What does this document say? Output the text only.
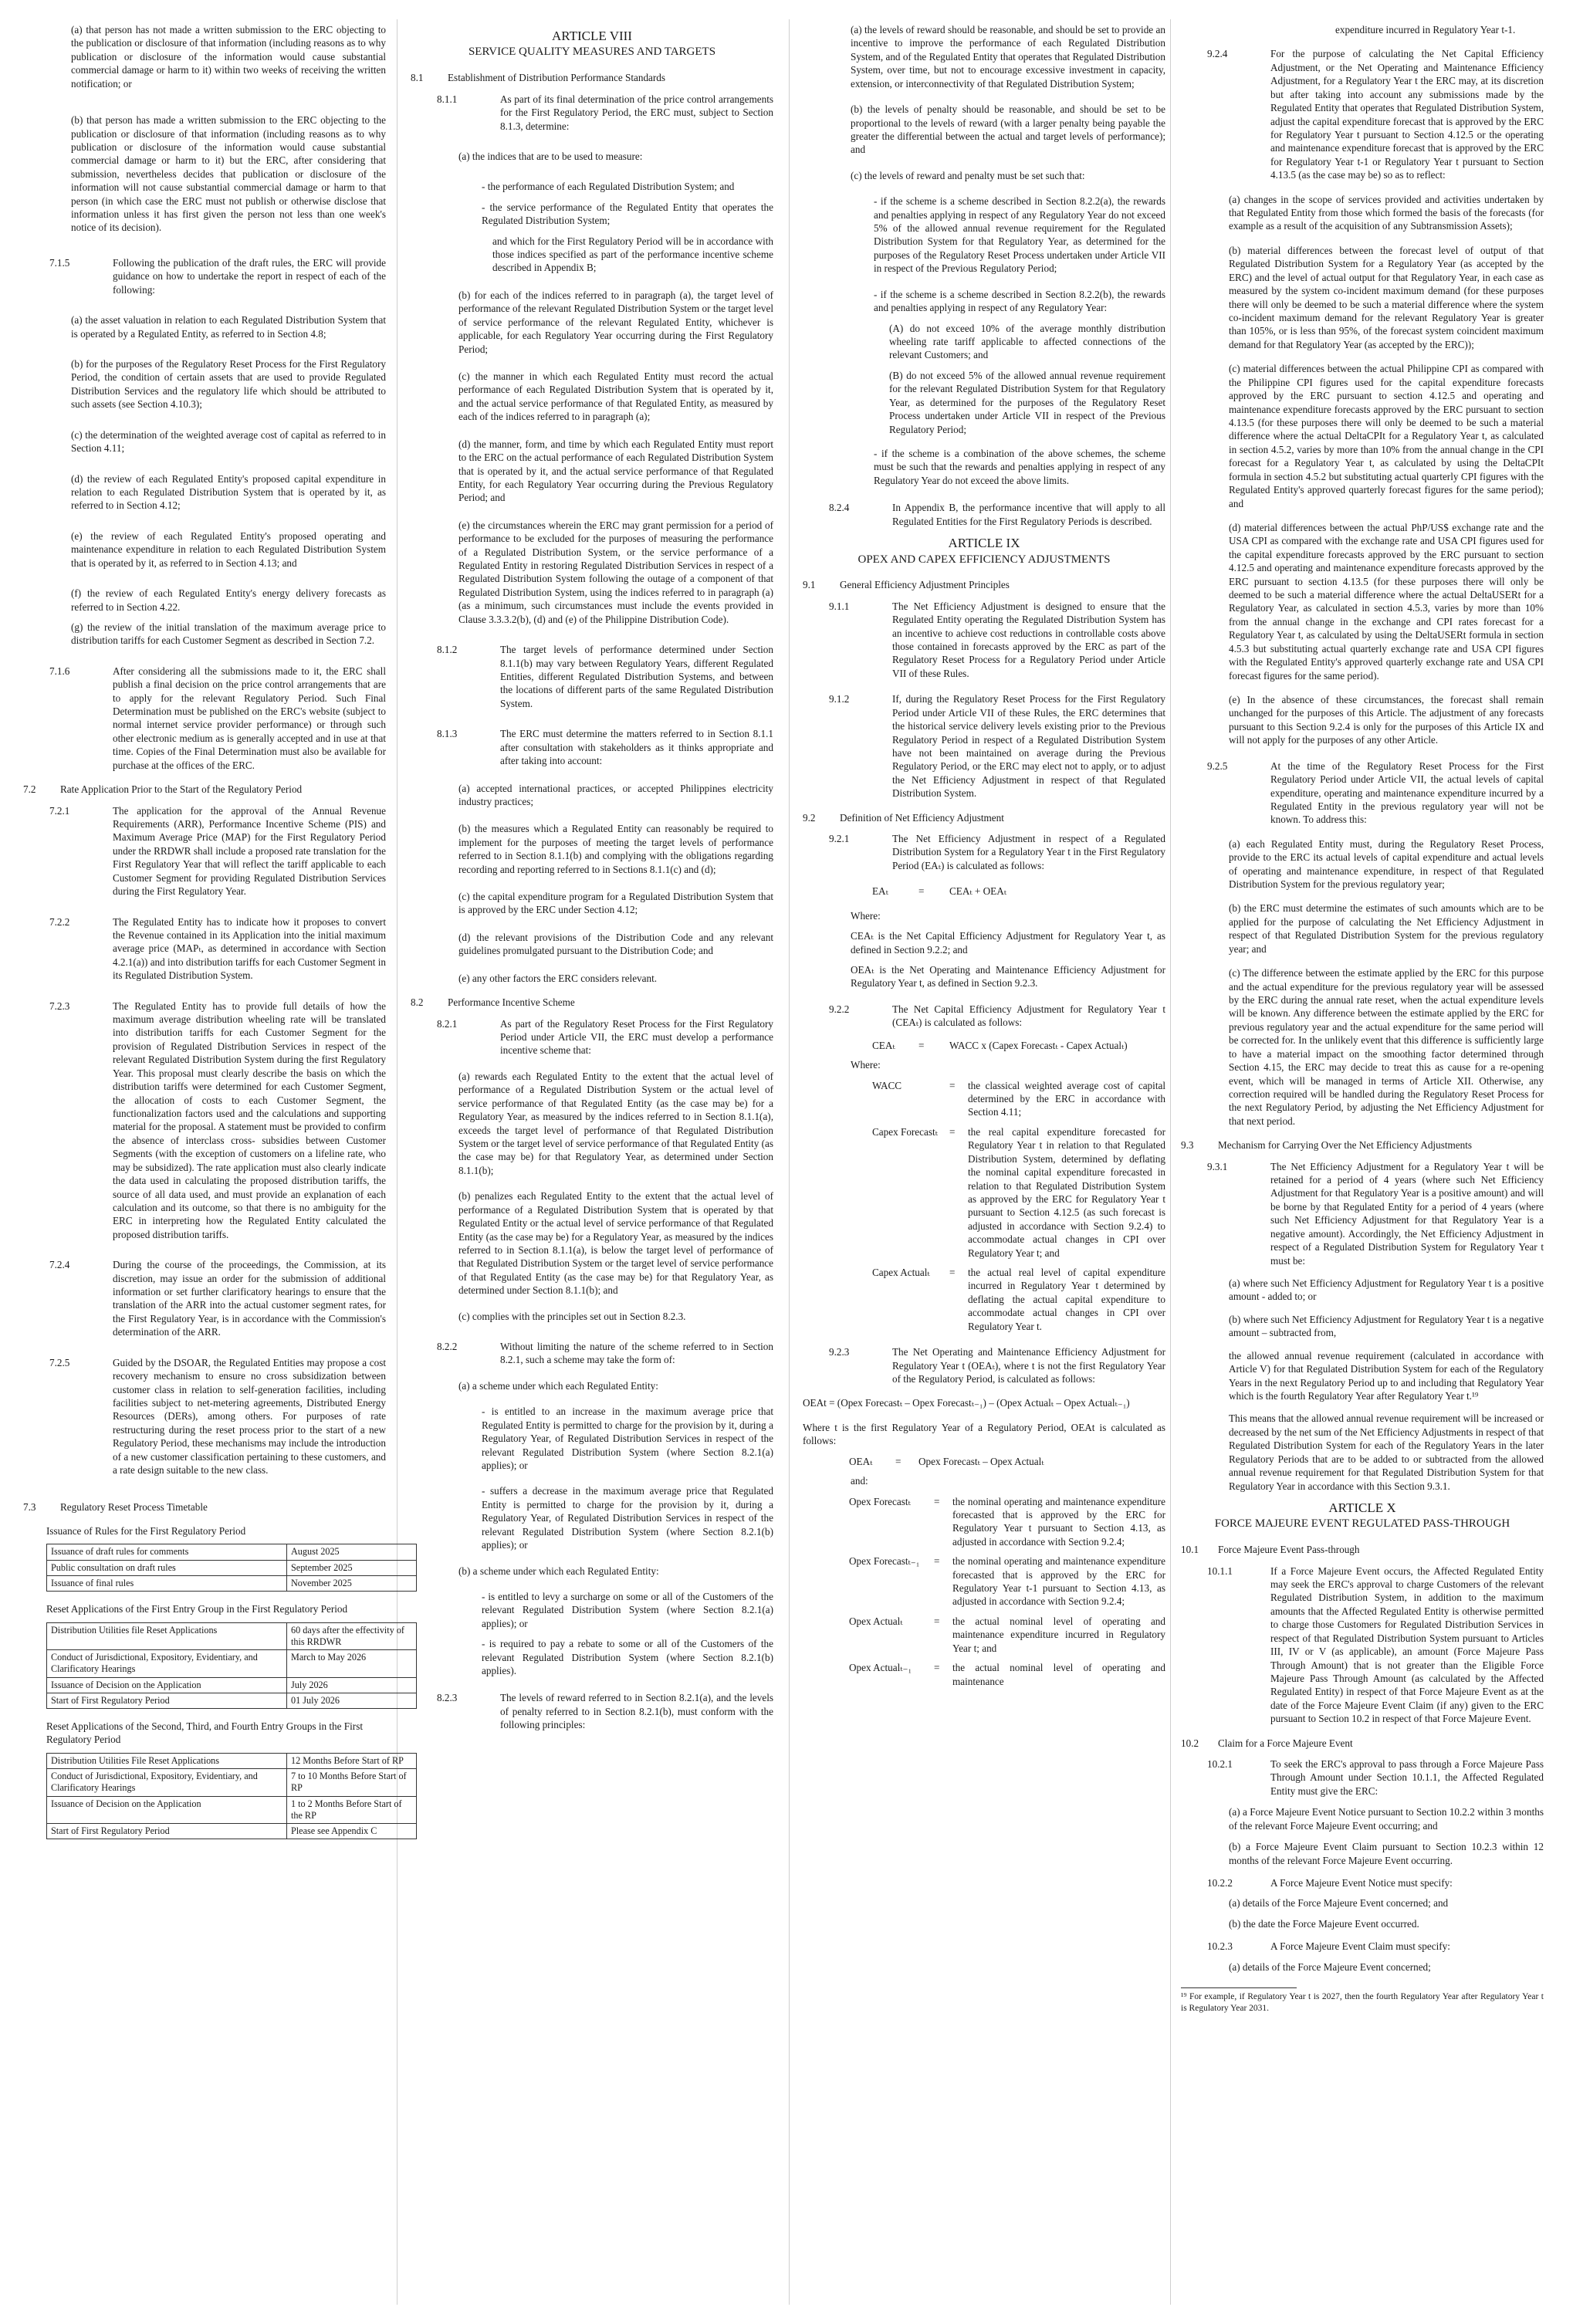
(a) that person has not made a written submission to the ERC objecting to the publication or disclosure of that information (including reasons as to why publication or disclosure of the information would cause substantial commercial damage or harm to it) within two weeks of receiving the written notification; or

(b) that person has made a written submission to the ERC objecting to the publication or disclosure of that information (including reasons as to why publication or disclosure of the information would cause substantial commercial damage or harm to it) but the ERC, after considering that submission, nevertheless decides that publication or disclosure of the information will not cause substantial commercial damage or harm to that person (in which case the ERC must not publish or otherwise disclose that information unless it has first given the person not less than one week's notice of its decision).

7.1.5	Following the publication of the draft rules, the ERC will provide guidance on how to undertake the report in respect of each of the following:

(a) the asset valuation in relation to each Regulated Distribution System that is operated by a Regulated Entity, as referred to in Section 4.8;

(b) for the purposes of the Regulatory Reset Process for the First Regulatory Period, the condition of certain assets that are used to provide Regulated Distribution Services and the regulatory life which should be attributed to such assets (see Section 4.10.3);

(c) the determination of the weighted average cost of capital as referred to in Section 4.11;

(d) the review of each Regulated Entity's proposed capital expenditure in relation to each Regulated Distribution System that is operated by it, as referred to in Section 4.12;

(e) the review of each Regulated Entity's proposed operating and maintenance expenditure in relation to each Regulated Distribution System that is operated by it, as referred to in Section 4.13; and

(f) the review of each Regulated Entity's energy delivery forecasts as referred to in Section 4.22.

(g) the review of the initial translation of the maximum average price to distribution tariffs for each Customer Segment as described in Section 7.2.

7.1.6	After considering all the submissions made to it, the ERC shall publish a final decision on the price control arrangements that are to apply for the relevant Regulatory Period. Such Final Determination must be published on the ERC's website (subject to normal internet service provider performance) or through such other electronic medium as is generally accepted and in use at that time. Copies of the Final Determination must also be available for purchase at the offices of the ERC.
7.2	Rate Application Prior to the Start of the Regulatory Period
7.2.1	The application for the approval of the Annual Revenue Requirements (ARR), Performance Incentive Scheme (PIS) and Maximum Average Price (MAP) for the First Regulatory Period under the RRDWR shall include a proposed rate translation for the First Regulatory Year that will reflect the tariff applicable to each Customer Segment for providing Regulated Distribution Services during the First Regulatory Year.
7.2.2	The Regulated Entity has to indicate how it proposes to convert the Revenue contained in its Application into the initial maximum average price (MAPₜ, as determined in accordance with Section 4.2.1(a)) and into distribution tariffs for each Customer Segment in its Regulated Distribution System.
7.2.3	The Regulated Entity has to provide full details of how the maximum average distribution wheeling rate will be translated into distribution tariffs for each Customer Segment for the provision of Regulated Distribution Services in respect of the relevant Regulated Distribution System during the first Regulatory Year. This proposal must clearly describe the basis on which the distribution tariffs were determined for each Customer Segment, the allocation of costs to each Customer Segment, the functionalization factors used and the calculations and supporting material for the proposal. A statement must be provided to confirm the absence of interclass cross- subsidies between Customer Segments (with the exception of customers on a lifeline rate, who may be subsidized). The rate application must also clearly indicate the data used in calculating the proposed distribution tariffs, the source of all data used, and must provide an explanation of each calculation and its outcome, so that there is no ambiguity for the ERC in interpreting how the Regulated Entity calculated the proposed distribution tariffs.
7.2.4	During the course of the proceedings, the Commission, at its discretion, may issue an order for the submission of additional information or set further clarificatory hearings to ensure that the translation of the ARR into the actual customer segment rates, for the First Regulatory Year, is in accordance with the Commission's determination of the ARR.
7.2.5	Guided by the DSOAR, the Regulated Entities may propose a cost recovery mechanism to ensure no cross subsidization between customer class in relation to self-generation facilities, including facilities subject to net-metering agreements, Distributed Energy Resources (DERs), among others. For purposes of rate restructuring during the reset process prior to the start of a new Regulatory Period, these mechanisms may include the introduction of a new customer classification pertaining to these customers, and a rate design suitable to the new class.
7.3	Regulatory Reset Process Timetable
Issuance of Rules for the First Regulatory Period
Issuance of draft rules for comments	August 2025
Public consultation on draft rules	September 2025
Issuance of final rules	November 2025
Reset Applications of the First Entry Group in the First Regulatory Period
Distribution Utilities file Reset Applications	60 days after the effectivity of this RRDWR
Conduct of Jurisdictional, Expository, Evidentiary, and Clarificatory Hearings	March to May 2026
Issuance of Decision on the Application	July 2026
Start of First Regulatory Period	01 July 2026
Reset Applications of the Second, Third, and Fourth Entry Groups in the First Regulatory Period
Distribution Utilities File Reset Applications	12 Months Before Start of RP
Conduct of Jurisdictional, Expository, Evidentiary, and Clarificatory Hearings	7 to 10 Months Before Start of RP
Issuance of Decision on the Application	1 to 2 Months Before Start of the RP
Start of First Regulatory Period	Please see Appendix C
ARTICLE VIII
SERVICE QUALITY MEASURES AND TARGETS
8.1	Establishment of Distribution Performance Standards
8.1.1	As part of its final determination of the price control arrangements for the First Regulatory Period, the ERC must, subject to Section 8.1.3, determine:

(a) the indices that are to be used to measure:

- the performance of each Regulated Distribution System; and

- the service performance of the Regulated Entity that operates the Regulated Distribution System;

and which for the First Regulatory Period will be in accordance with those indices specified as part of the performance incentive scheme described in Appendix B;

(b) for each of the indices referred to in paragraph (a), the target level of performance of the relevant Regulated Distribution System or the target level of service performance of the relevant Regulated Entity, whichever is applicable, for each Regulatory Year occurring during the First Regulatory Period;

(c) the manner in which each Regulated Entity must record the actual performance of each Regulated Distribution System that is operated by it, and the actual service performance of that Regulated Entity, as measured by each of the indices referred to in paragraph (a);

(d) the manner, form, and time by which each Regulated Entity must report to the ERC on the actual performance of each Regulated Distribution System that is operated by it, and the actual service performance of that Regulated Entity, for each Regulatory Year occurring during the Previous Regulatory Period; and

(e) the circumstances wherein the ERC may grant permission for a period of performance to be excluded for the purposes of measuring the performance of a Regulated Distribution System, or the service performance of a Regulated Entity in restoring Regulated Distribution Services in respect of a Regulated Distribution System following the outage of a component of that Regulated Distribution System, using the indices referred to in paragraph (a) (as a minimum, such circumstances must include the events provided in Clause 3.3.3.2(b), (d) and (e) of the Philippine Distribution Code).

8.1.2	The target levels of performance determined under Section 8.1.1(b) may vary between Regulatory Years, different Regulated Entities, different Regulated Distribution Systems, and between the locations of different parts of the same Regulated Distribution System.
8.1.3	The ERC must determine the matters referred to in Section 8.1.1 after consultation with stakeholders as it thinks appropriate and after taking into account:

(a) accepted international practices, or accepted Philippines electricity industry practices;

(b) the measures which a Regulated Entity can reasonably be required to implement for the purposes of meeting the target levels of performance referred to in Section 8.1.1(b) and complying with the obligations regarding recording and reporting referred to in Sections 8.1.1(c) and (d);

(c) the capital expenditure program for a Regulated Distribution System that is approved by the ERC under Section 4.12;

(d) the relevant provisions of the Distribution Code and any relevant guidelines promulgated pursuant to the Distribution Code; and

(e) any other factors the ERC considers relevant.

8.2	Performance Incentive Scheme
8.2.1	As part of the Regulatory Reset Process for the First Regulatory Period under Article VII, the ERC must develop a performance incentive scheme that:

(a) rewards each Regulated Entity to the extent that the actual level of performance of a Regulated Distribution System or the actual level of service performance of that Regulated Entity (as the case may be) for a Regulatory Year, as measured by the indices referred to in Section 8.1.1(a), exceeds the target level of performance of that Regulated Distribution System or the target level of service performance of that Regulated Entity (as the case may be) for that Regulatory Year, as determined under Section 8.1.1(b);

(b) penalizes each Regulated Entity to the extent that the actual level of performance of a Regulated Distribution System that is operated by that Regulated Entity or the actual level of service performance of that Regulated Entity (as the case may be) for a Regulatory Year, as measured by the indices referred to in Section 8.1.1(a), is below the target level of performance of that Regulated Distribution System or the target level of service performance of that Regulated Entity (as the case may be) for that Regulatory Year, as determined under Section 8.1.1(b); and

(c) complies with the principles set out in Section 8.2.3.

8.2.2	Without limiting the nature of the scheme referred to in Section 8.2.1, such a scheme may take the form of:

(a) a scheme under which each Regulated Entity:

- is entitled to an increase in the maximum average price that Regulated Entity is permitted to charge for the provision by it, during a Regulatory Year, of Regulated Distribution Services in respect of the relevant Regulated Distribution System (where Section 8.2.1(a) applies); or

- suffers a decrease in the maximum average price that Regulated Entity is permitted to charge for the provision by it, during a Regulatory Year, of Regulated Distribution Services in respect of the relevant Regulated Distribution System (where Section 8.2.1(b) applies); or

(b) a scheme under which each Regulated Entity:

- is entitled to levy a surcharge on some or all of the Customers of the relevant Regulated Distribution System (where Section 8.2.1(a) applies); or

- is required to pay a rebate to some or all of the Customers of the relevant Regulated Distribution System (where Section 8.2.1(b) applies).

8.2.3	The levels of reward referred to in Section 8.2.1(a), and the levels of penalty referred to in Section 8.2.1(b), must conform with the following principles:

(a) the levels of reward should be reasonable, and should be set to provide an incentive to improve the performance of each Regulated Distribution System, and of the Regulated Entity that operates that Regulated Distribution System, over time, but not to encourage excessive investment in capacity, extension, or interconnectivity of that Regulated Distribution System;

(b) the levels of penalty should be reasonable, and should be set to be proportional to the levels of reward (with a larger penalty being payable the greater the differential between the actual and target levels of performance); and

(c) the levels of reward and penalty must be set such that:

- if the scheme is a scheme described in Section 8.2.2(a), the rewards and penalties applying in respect of any Regulatory Year do not exceed 5% of the allowed annual revenue requirement for the Regulated Distribution System for that Regulatory Year, as determined for the purposes of the Regulatory Reset Process undertaken under Article VII in respect of the Previous Regulatory Period;

- if the scheme is a scheme described in Section 8.2.2(b), the rewards and penalties applying in respect of any Regulatory Year:

(A) do not exceed 10% of the average monthly distribution wheeling rate tariff applicable to affected connections of the relevant Customers; and

(B) do not exceed 5% of the allowed annual revenue requirement for the relevant Regulated Distribution System for that Regulatory Year, as determined for the purposes of the Regulatory Reset Process undertaken under Article VII in respect of the Previous Regulatory Period;

- if the scheme is a combination of the above schemes, the scheme must be such that the rewards and penalties applying in respect of any Regulatory Year do not exceed the above limits.

8.2.4	In Appendix B, the performance incentive that will apply to all Regulated Entities for the First Regulatory Periods is described.
ARTICLE IX
OPEX AND CAPEX EFFICIENCY ADJUSTMENTS
9.1	General Efficiency Adjustment Principles
9.1.1	The Net Efficiency Adjustment is designed to ensure that the Regulated Entity operating the Regulated Distribution System has an incentive to achieve cost reductions in controllable costs above those contained in forecasts approved by the ERC as part of the Regulatory Reset Process for a Regulatory Period under Article VII of these Rules.
9.1.2	If, during the Regulatory Reset Process for the First Regulatory Period under Article VII of these Rules, the ERC determines that the historical service delivery levels existing prior to the Previous Regulatory Period in respect of a Regulated Distribution System have not been maintained on average during the Previous Regulatory Period, or the ERC may elect not to apply, or to adjust the Net Efficiency Adjustment in respect of that Regulated Distribution System.
9.2	Definition of Net Efficiency Adjustment
9.2.1	The Net Efficiency Adjustment in respect of a Regulated Distribution System for a Regulatory Year t in the First Regulatory Period (EAₜ) is calculated as follows:
EAₜ	=	CEAₜ + OEAₜ

Where:

CEAₜ is the Net Capital Efficiency Adjustment for Regulatory Year t, as defined in Section 9.2.2; and

OEAₜ is the Net Operating and Maintenance Efficiency Adjustment for Regulatory Year t, as defined in Section 9.2.3.

9.2.2	The Net Capital Efficiency Adjustment for Regulatory Year t (CEAₜ) is calculated as follows:
CEAₜ	=	WACC x (Capex Forecastₜ - Capex Actualₜ)

Where:

WACC	=	the classical weighted average cost of capital determined by the ERC in accordance with Section 4.11;
Capex Forecastₜ	=	the real capital expenditure forecasted for Regulatory Year t in relation to that Regulated Distribution System, determined by deflating the nominal capital expenditure forecasted in relation to that Regulated Distribution System as approved by the ERC for Regulatory Year t pursuant to Section 4.12.5 (as such forecast is adjusted in accordance with Section 9.2.4) to accommodate actual changes in CPI over Regulatory Year t; and
Capex Actualₜ	=	the actual real level of capital expenditure incurred in Regulatory Year t determined by deflating the actual capital expenditure to accommodate actual changes in CPI over Regulatory Year t.
9.2.3	The Net Operating and Maintenance Efficiency Adjustment for Regulatory Year t (OEAₜ), where t is not the first Regulatory Year of the Regulatory Period, is calculated as follows:

OEAt = (Opex Forecastₜ – Opex Forecastₜ₋₁) – (Opex Actualₜ – Opex Actualₜ₋₁)

Where t is the first Regulatory Year of a Regulatory Period, OEAt is calculated as follows:

OEAₜ	=	Opex Forecastₜ – Opex Actualₜ

and:

Opex Forecastₜ	=	the nominal operating and maintenance expenditure forecasted that is approved by the ERC for Regulatory Year t pursuant to Section 4.13, as adjusted in accordance with Section 9.2.4;
Opex Forecastₜ₋₁	=	the nominal operating and maintenance expenditure forecasted that is approved by the ERC for Regulatory Year t-1 pursuant to Section 4.13, as adjusted in accordance with Section 9.2.4;
Opex Actualₜ	=	the actual nominal level of operating and maintenance expenditure incurred in Regulatory Year t; and
Opex Actualₜ₋₁	=	the actual nominal level of operating and maintenance

expenditure incurred in Regulatory Year t-1.

9.2.4	For the purpose of calculating the Net Capital Efficiency Adjustment, or the Net Operating and Maintenance Efficiency Adjustment, for a Regulatory Year t the ERC may, at its discretion but after taking into account any submissions made by the Regulated Entity that operates that Regulated Distribution System, adjust the capital expenditure forecast that is approved by the ERC for Regulatory Year t pursuant to Section 4.12.5 or the operating and maintenance expenditure forecast that is approved by the ERC for Regulatory Year t-1 or Regulatory Year t pursuant to Section 4.13.5 (as the case may be) so as to reflect:

(a) changes in the scope of services provided and activities undertaken by that Regulated Entity from those which formed the basis of the forecasts (for example as a result of the acquisition of any Subtransmission Assets);

(b) material differences between the forecast level of output of that Regulated Distribution System for a Regulatory Year (as accepted by the ERC) and the level of actual output for that Regulatory Year, in each case as measured by the system co-incident maximum demand (for these purposes there will only be deemed to be such a material difference where the system co-incident maximum demand for the relevant Regulatory Year is greater than 105%, or is less than 95%, of the forecast system coincident maximum demand for that Regulatory Year (as accepted by the ERC));

(c) material differences between the actual Philippine CPI as compared with the Philippine CPI figures used for the capital expenditure forecasts approved by the ERC pursuant to section 4.12.5 and operating and maintenance expenditure forecasts approved by the ERC pursuant to section 4.13.5 (for these purposes there will only be deemed to be such a material difference where the actual DeltaCPIt for a Regulatory Year t, as calculated in section 4.5.2, varies by more than 10% from the annual change in the CPI forecast for a Regulatory Year t, as calculated by using the DeltaCPIt formula in section 4.5.2 but substituting actual quarterly CPI figures with the Regulated Entity's approved quarterly forecast figures for the same period); and

(d) material differences between the actual PhP/US$ exchange rate and the USA CPI as compared with the exchange rate and USA CPI figures used for the capital expenditure forecasts approved by the ERC pursuant to section 4.12.5 and operating and maintenance expenditure forecasts approved by the ERC pursuant to section 4.13.5 (for these purposes there will only be deemed to be such a material difference where the actual DeltaUSERt for a Regulatory Year, as calculated in section 4.5.3, varies by more than 10% from the annual change in the exchange and CPI rates forecast for a Regulatory Year t, as calculated by using the DeltaUSERt formula in section 4.5.3 but substituting actual quarterly exchange rate and USA CPI figures with the Regulated Entity's approved quarterly exchange rate and USA CPI forecast figures for the same period).

(e) In the absence of these circumstances, the forecast shall remain unchanged for the purposes of this Article. The adjustment of any forecasts pursuant to this Section 9.2.4 is only for the purposes of this Article IX and will not apply for the purposes of any other Article.

9.2.5	At the time of the Regulatory Reset Process for the First Regulatory Period under Article VII, the actual levels of capital expenditure, operating and maintenance expenditure incurred by a Regulated Entity in the previous regulatory year will not be known. To address this:

(a) each Regulated Entity must, during the Regulatory Reset Process, provide to the ERC its actual levels of capital expenditure and actual levels of operating and maintenance expenditure, in respect of that Regulated Distribution System for the previous regulatory year;

(b) the ERC must determine the estimates of such amounts which are to be applied for the purpose of calculating the Net Efficiency Adjustment in respect of that Regulated Distribution System for the previous regulatory year; and

(c) The difference between the estimate applied by the ERC for this purpose and the actual expenditure for the previous regulatory year will be assessed by the ERC during the annual rate reset, when the actual expenditure levels will be known. Any difference between the estimate applied by the ERC for previous regulatory year and the actual expenditure for the same period will be corrected for. In the unlikely event that this difference is sufficiently large to have a material impact on the smoothing factor determined through Section 4.15, the ERC may decide to treat this as cause for a re-opening event, which will be managed in terms of Article XII. Otherwise, any correction required will be handled during the Regulatory Reset Process for the next Regulatory Period, by adjusting the Net Efficiency Adjustment for that next period.

9.3	Mechanism for Carrying Over the Net Efficiency Adjustments
9.3.1	The Net Efficiency Adjustment for a Regulatory Year t will be retained for a period of 4 years (where such Net Efficiency Adjustment for that Regulatory Year is a positive amount) and will be borne by that Regulated Entity for a period of 4 years (where such Net Efficiency Adjustment for that Regulatory Year is a negative amount). Accordingly, the Net Efficiency Adjustment in respect of a Regulated Distribution System for Regulatory Year t must be:

(a) where such Net Efficiency Adjustment for Regulatory Year t is a positive amount - added to; or

(b) where such Net Efficiency Adjustment for Regulatory Year t is a negative amount – subtracted from,

the allowed annual revenue requirement (calculated in accordance with Article V) for that Regulated Distribution System for each of the Regulatory Years in the next Regulatory Period up to and including that Regulatory Year which is the fourth Regulatory Year after Regulatory Year t.¹⁹

This means that the allowed annual revenue requirement will be increased or decreased by the net sum of the Net Efficiency Adjustments in respect of that Regulated Distribution System for each of the Regulatory Years in the later Regulatory Periods that are to be added to or subtracted from the allowed annual revenue requirement for that Regulated Distribution System for that Regulatory Year in accordance with this Section 9.3.1.

ARTICLE X
FORCE MAJEURE EVENT REGULATED PASS-THROUGH
10.1	Force Majeure Event Pass-through
10.1.1	If a Force Majeure Event occurs, the Affected Regulated Entity may seek the ERC's approval to charge Customers of the relevant Regulated Distribution System, in addition to the maximum amounts that the Affected Regulated Entity is otherwise permitted to charge those Customers for Regulated Distribution Services in respect of that Regulated Distribution System pursuant to Articles III, IV or V (as applicable), an amount (Force Majeure Pass Through Amount) that is not greater than the Eligible Force Majeure Pass Through Amount (as calculated by the Affected Regulated Entity) in respect of that Force Majeure Event as at the date of the Force Majeure Event Claim (if any) given to the ERC pursuant to Section 10.2 in respect of that Force Majeure Event.
10.2	Claim for a Force Majeure Event
10.2.1	To seek the ERC's approval to pass through a Force Majeure Pass Through Amount under Section 10.1.1, the Affected Regulated Entity must give the ERC:

(a) a Force Majeure Event Notice pursuant to Section 10.2.2 within 3 months of the relevant Force Majeure Event occurring; and

(b) a Force Majeure Event Claim pursuant to Section 10.2.3 within 12 months of the relevant Force Majeure Event occurring.

10.2.2	A Force Majeure Event Notice must specify:

(a) details of the Force Majeure Event concerned; and

(b) the date the Force Majeure Event occurred.

10.2.3	A Force Majeure Event Claim must specify:

(a) details of the Force Majeure Event concerned;

¹⁹ For example, if Regulatory Year t is 2027, then the fourth Regulatory Year after Regulatory Year t is Regulatory Year 2031.
